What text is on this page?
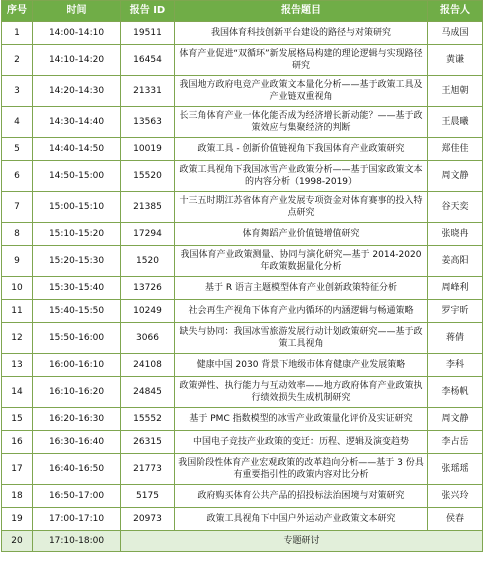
序号	时间	报告 ID	报告题目	报告人
1	14:00-14:10	19511	我国体育科技创新平台建设的路径与对策研究	马成国
2	14:10-14:20	16454	体育产业促进“双循环”新发展格局构建的理论逻辑与实现路径研究	黄谦
3	14:20-14:30	21331	我国地方政府电竞产业政策文本量化分析——基于政策工具及产业链双重视角	王旭朝
4	14:30-14:40	13563	长三角体育产业一体化能否成为经济增长新动能？——基于政策效应与集聚经济的判断	王晨曦
5	14:40-14:50	10019	政策工具 - 创新价值链视角下我国体育产业政策研究	郑佳佳
6	14:50-15:00	15520	政策工具视角下我国冰雪产业政策分析——基于国家政策文本的内容分析（1998-2019）	周文静
7	15:00-15:10	21385	十三五时期江苏省体育产业发展专项资金对体育赛事的投入特点研究	谷天奕
8	15:10-15:20	17294	体育舞蹈产业价值链增值研究	张晓冉
9	15:20-15:30	1520	我国体育产业政策测量、协同与演化研究—基于 2014-2020 年政策数据量化分析	姜高阳
10	15:30-15:40	13726	基于 R 语言主题模型体育产业创新政策特征分析	周峰利
11	15:40-15:50	10249	社会再生产视角下体育产业内循环的内涵逻辑与畅通策略	罗宇昕
12	15:50-16:00	3066	缺失与协同：我国冰雪旅游发展行动计划政策研究——基于政策工具视角	蒋倩
13	16:00-16:10	24108	健康中国 2030 背景下地级市体育健康产业发展策略	李科
14	16:10-16:20	24845	政策弹性、执行能力与互动效率——地方政府体育产业政策执行绩效损失生成机制研究	李杨帆
15	16:20-16:30	15552	基于 PMC 指数模型的冰雪产业政策量化评价及实证研究	周文静
16	16:30-16:40	26315	中国电子竞技产业政策的变迁：历程、逻辑及演变趋势	李占岳
17	16:40-16:50	21773	我国阶段性体育产业宏观政策的改革趋向分析——基于 3 份具有重要指引性的政策内容对比分析	张瑶瑶
18	16:50-17:00	5175	政府购买体育公共产品的招投标法治困境与对策研究	张兴玲
19	17:00-17:10	20973	政策工具视角下中国户外运动产业政策文本研究	侯春
20	17:10-18:00	专题研讨		
